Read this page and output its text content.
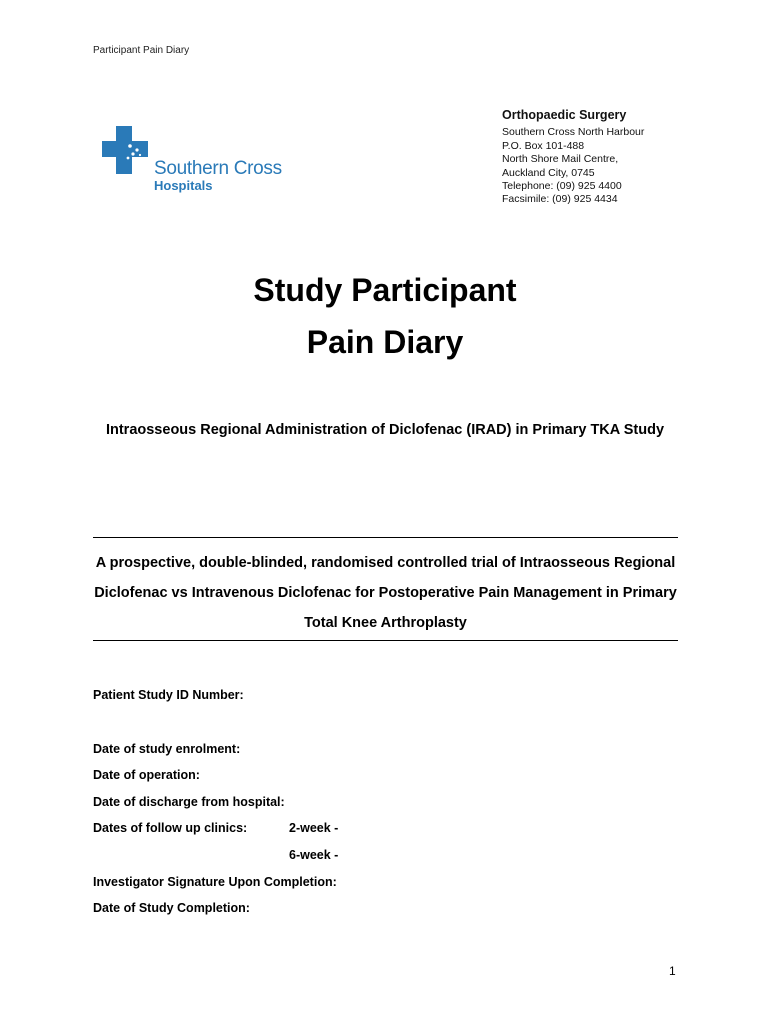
Participant Pain Diary
Southern Cross
Hospitals
Orthopaedic Surgery
Southern Cross North Harbour
P.O. Box 101-488
North Shore Mail Centre,
Auckland City, 0745
Telephone: (09) 925 4400
Facsimile: (09) 925 4434
Study Participant
Pain Diary
Intraosseous Regional Administration of Diclofenac (IRAD) in Primary TKA Study
A prospective, double-blinded, randomised controlled trial of Intraosseous Regional Diclofenac vs Intravenous Diclofenac for Postoperative Pain Management in Primary Total Knee Arthroplasty
Patient Study ID Number:
Date of study enrolment:
Date of operation:
Date of discharge from hospital:
Dates of follow up clinics:	2-week -
6-week -
Investigator Signature Upon Completion:
Date of Study Completion:
1
